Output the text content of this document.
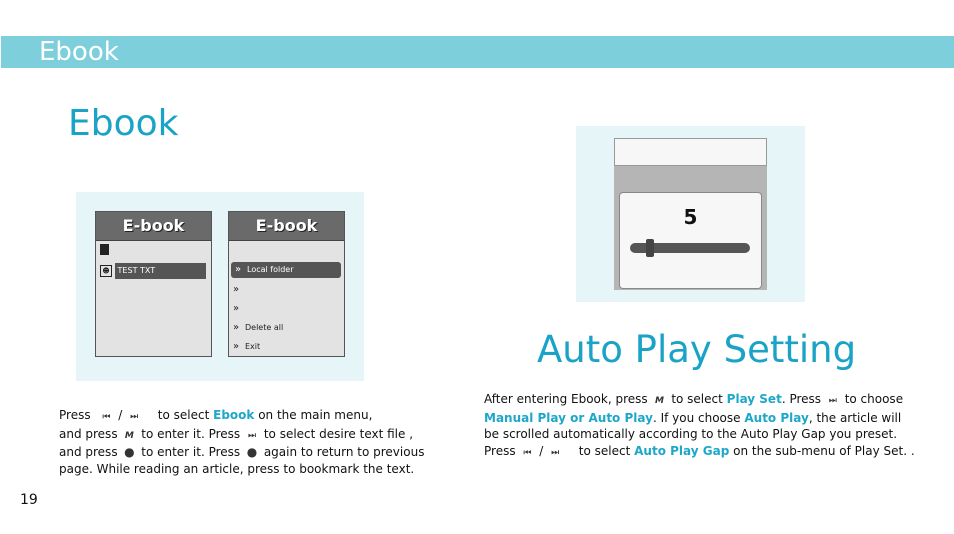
Ebook
Ebook
E-book
☻ TEST TXT
E-book
» Local folder
»
»
» Delete all
» Exit
5
Auto Play Setting
Press ⏮ / ⏭ to select Ebook on the main menu,
and press M to enter it. Press ⏭ to select desire text file ,
and press ● to enter it. Press ● again to return to previous
page. While reading an article, press to bookmark the text.
After entering Ebook, press M to select Play Set. Press ⏭ to choose
Manual Play or Auto Play. If you choose Auto Play, the article will
be scrolled automatically according to the Auto Play Gap you preset.
Press ⏮ / ⏭ to select Auto Play Gap on the sub-menu of Play Set. .
19
